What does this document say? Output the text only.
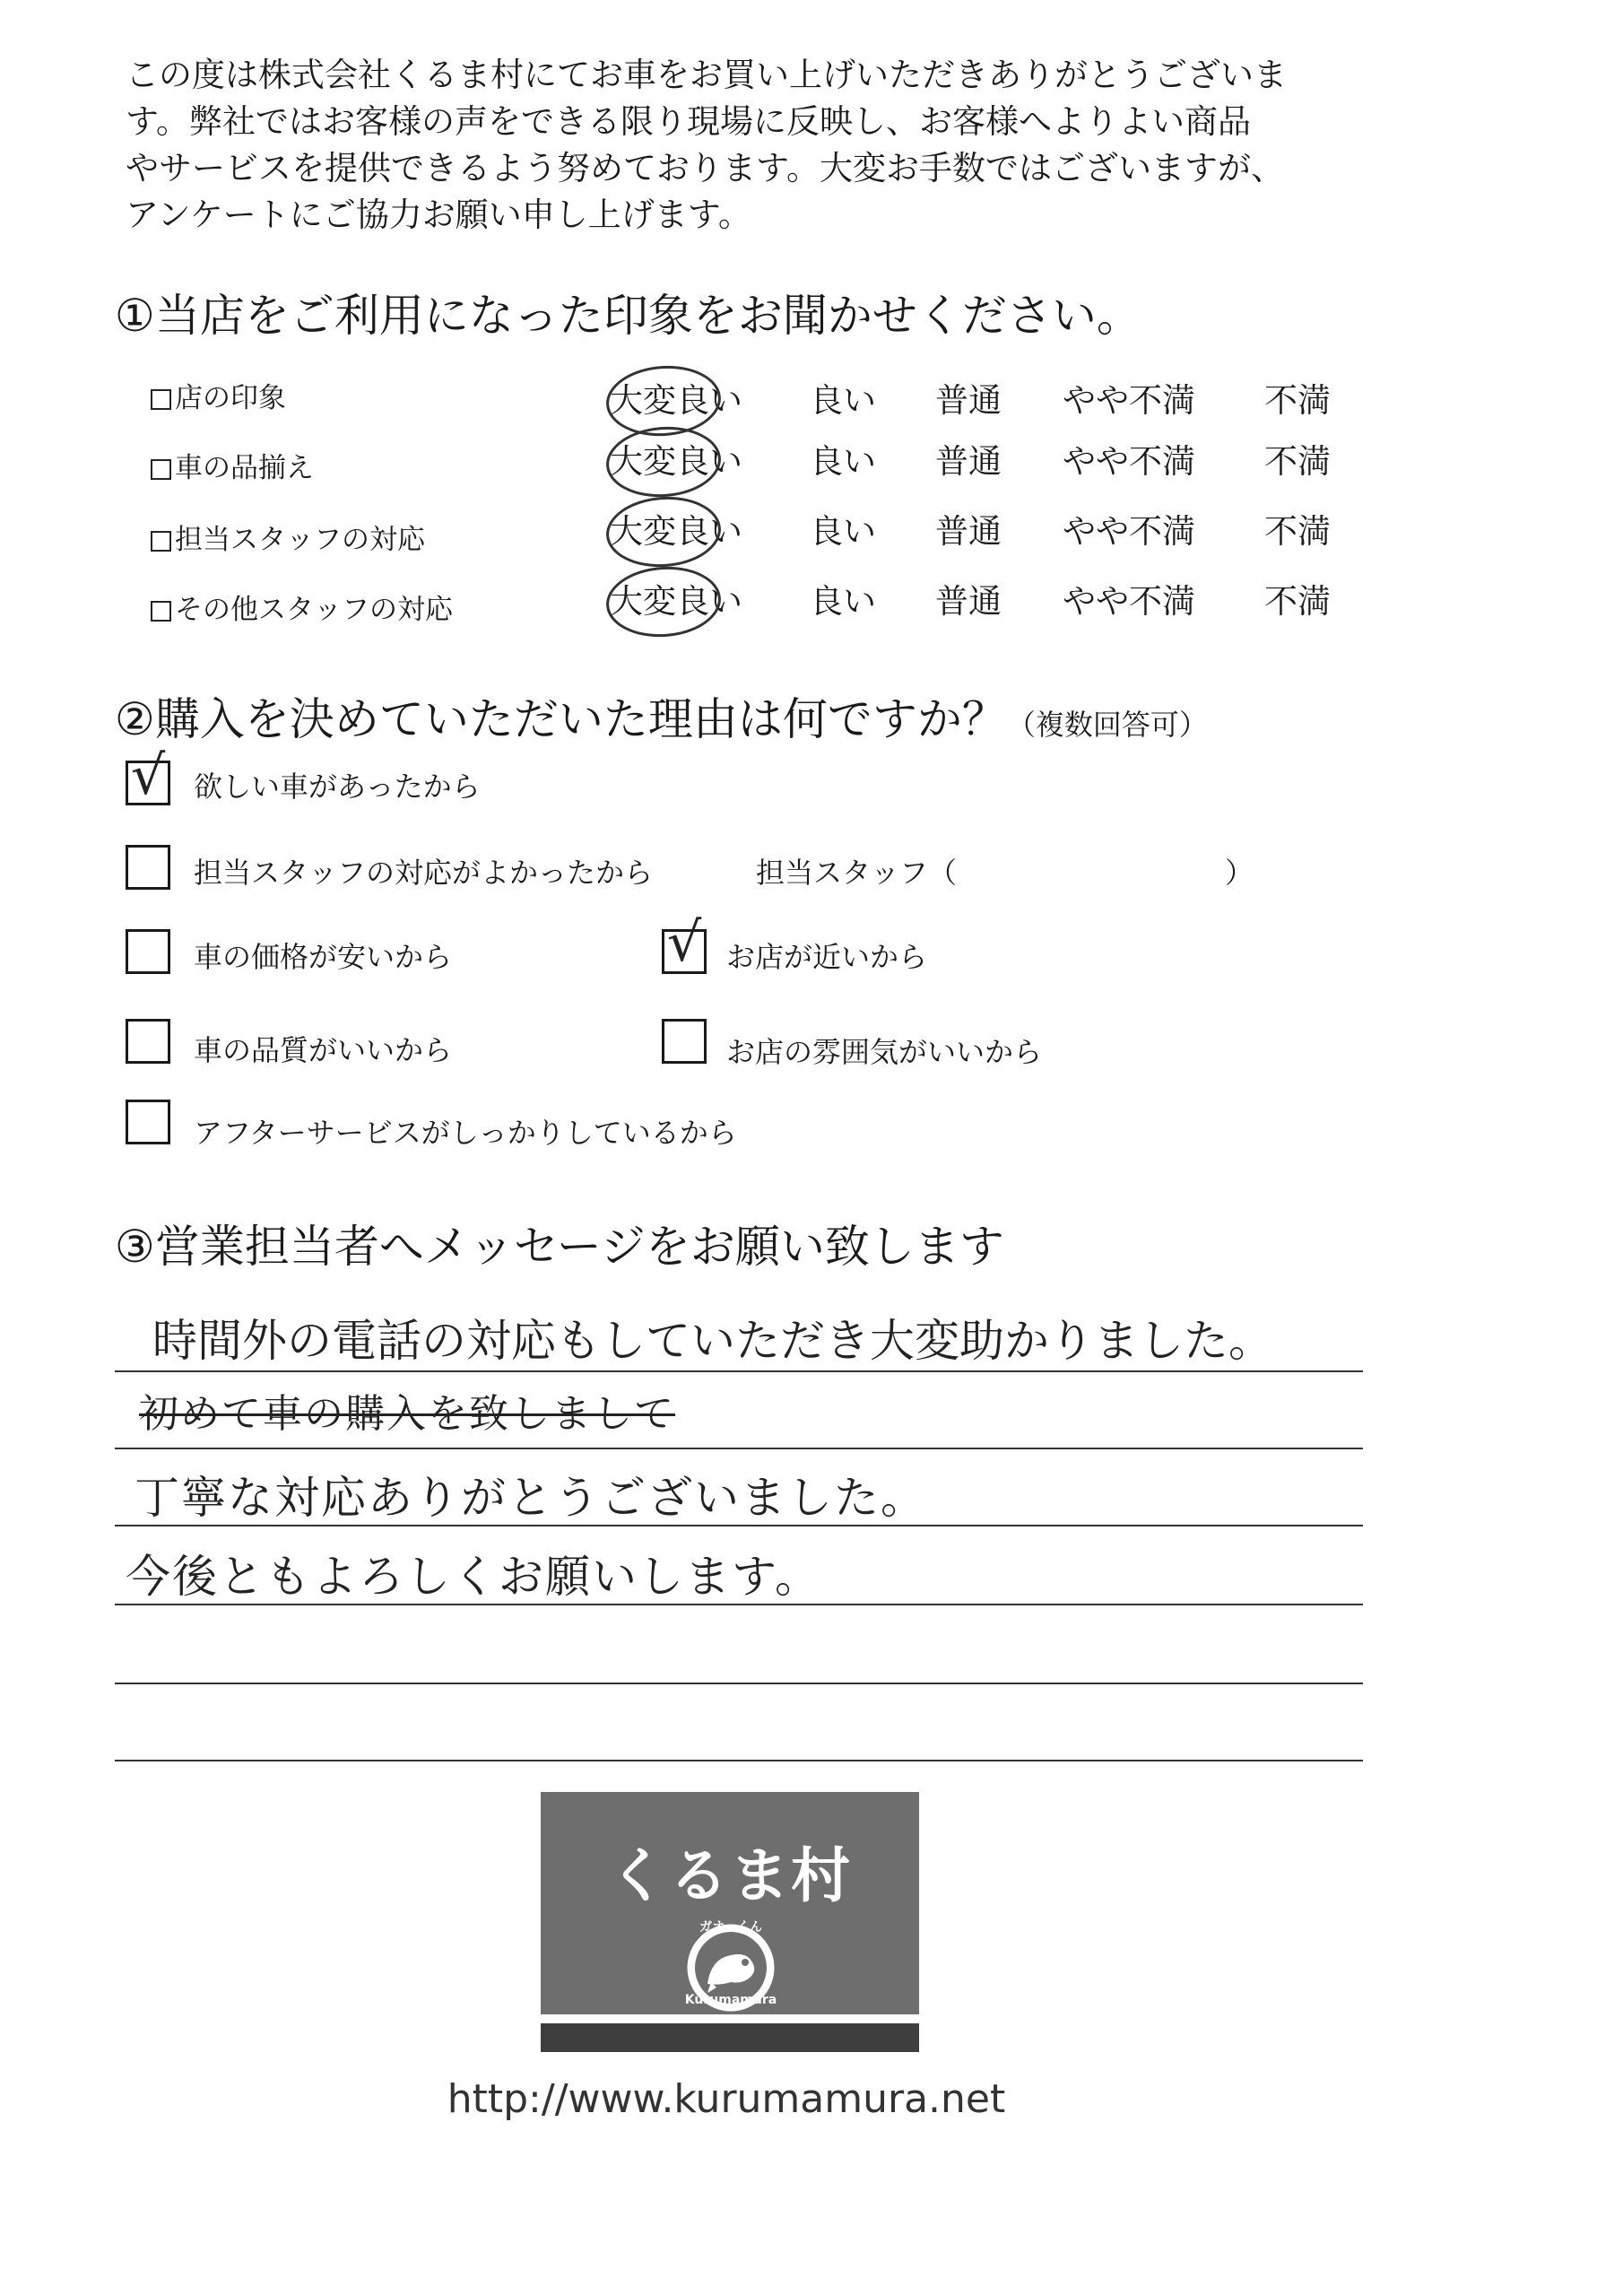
この度は株式会社くるま村にてお車をお買い上げいただきありがとうございま
す。弊社ではお客様の声をできる限り現場に反映し、お客様へよりよい商品
やサービスを提供できるよう努めております。大変お手数ではございますが、
アンケートにご協力お願い申し上げます。
①当店をご利用になった印象をお聞かせください。
店の印象	大変良い 良い 普通 やや不満 不満
車の品揃え	大変良い 良い 普通 やや不満 不満
担当スタッフの対応	大変良い 良い 普通 やや不満 不満
その他スタッフの対応	大変良い 良い 普通 やや不満 不満
②購入を決めていただいた理由は何ですか？（複数回答可）
√ 欲しい車があったから
担当スタッフの対応がよかったから	担当スタッフ（	）
車の価格が安いから	√ お店が近いから
車の品質がいいから	お店の雰囲気がいいから
アフターサービスがしっかりしているから
③営業担当者へメッセージをお願い致します
時間外の電話の対応もしていただき大変助かりました。
初めて車の購入を致しまして
丁寧な対応ありがとうございました。
今後ともよろしくお願いします。
くるま村
ガオーくん
Kurumamura
http://www.kurumamura.net
